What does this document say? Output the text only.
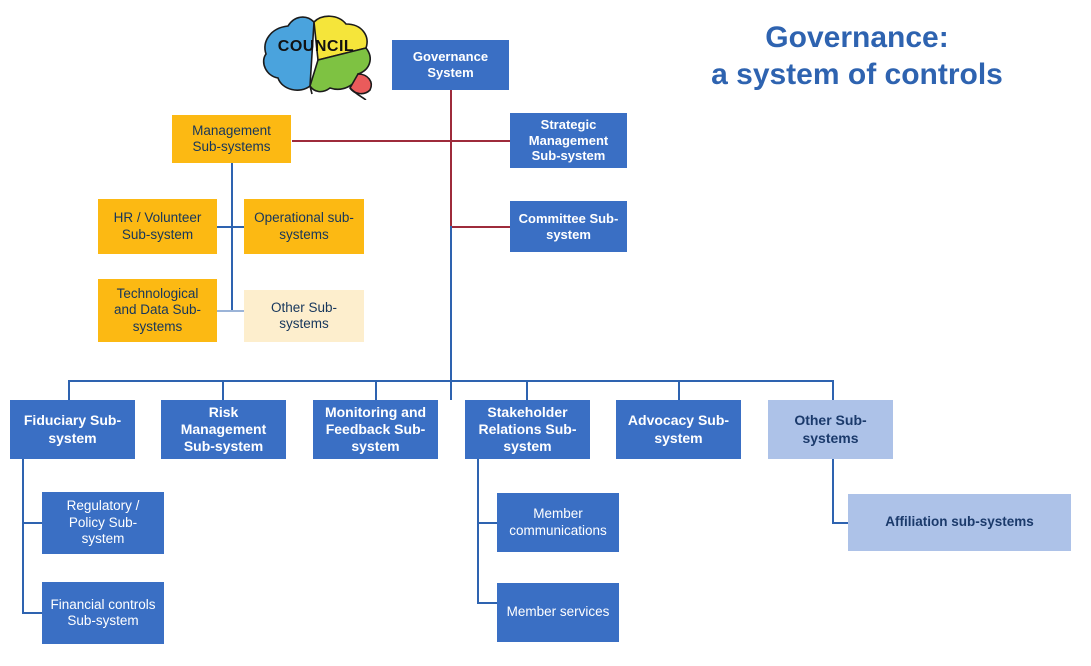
Governance:
a system of controls
COUNCIL
Governance System
Management Sub-systems
Strategic Management Sub-system
Committee Sub-system
HR / Volunteer Sub-system
Operational sub-systems
Technological and Data Sub-systems
Other Sub-systems
Fiduciary Sub-system
Risk Management Sub-system
Monitoring and Feedback Sub-system
Stakeholder Relations Sub-system
Advocacy Sub-system
Other Sub-systems
Regulatory / Policy Sub-system
Financial controls Sub-system
Member communications
Member services
Affiliation sub-systems
